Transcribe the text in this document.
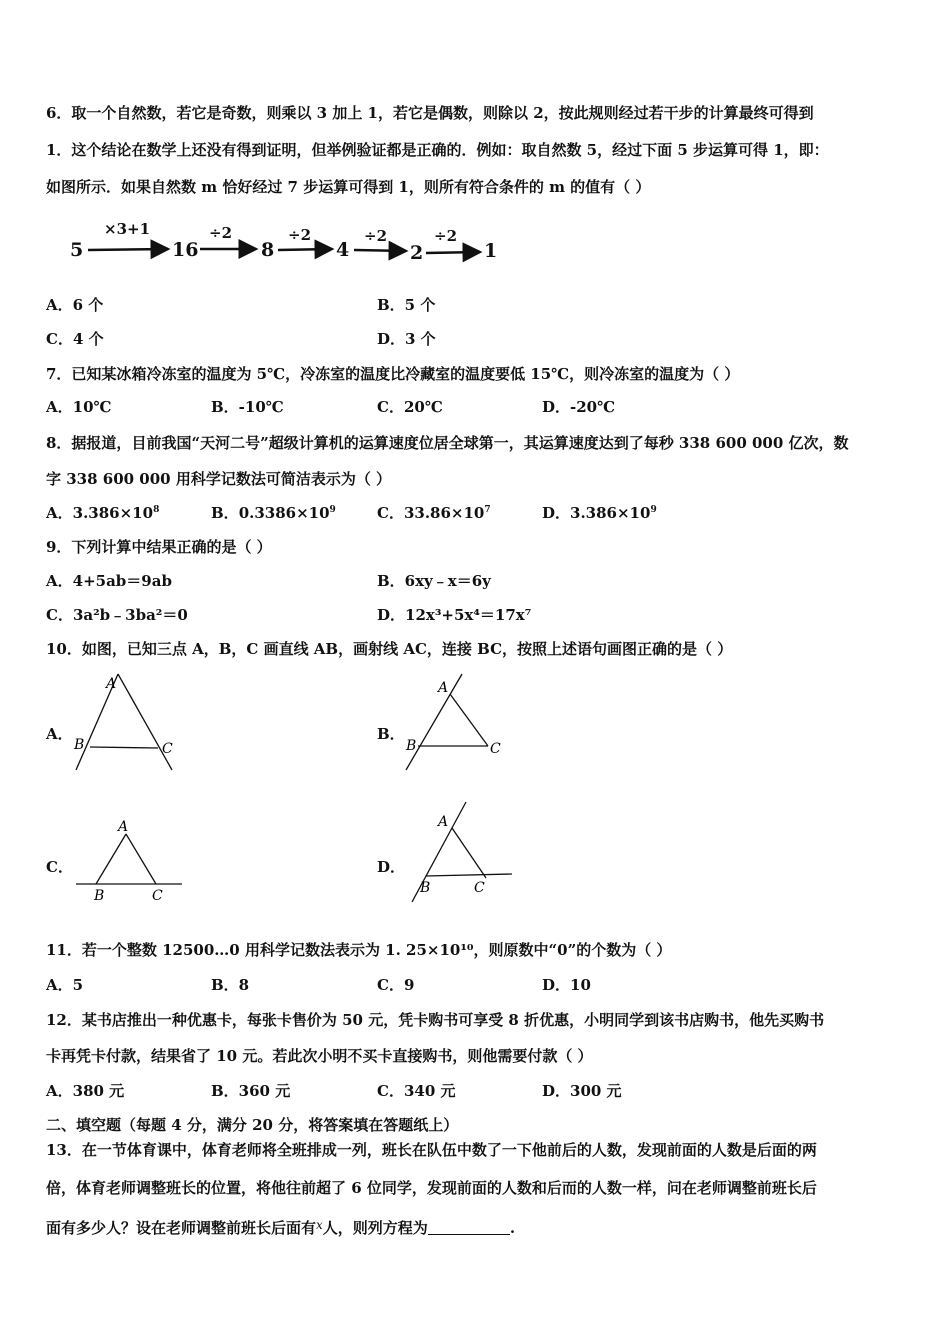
6．取一个自然数，若它是奇数，则乘以 3 加上 1，若它是偶数，则除以 2，按此规则经过若干步的计算最终可得到
1．这个结论在数学上还没有得到证明，但举例验证都是正确的．例如：取自然数 5，经过下面 5 步运算可得 1，即：
如图所示．如果自然数 m 恰好经过 7 步运算可得到 1，则所有符合条件的 m 的值有（ ）
5	16	8	4	2	1
×3+1	÷2	÷2	÷2	÷2
A．6 个	B．5 个
C．4 个	D．3 个
7．已知某冰箱冷冻室的温度为 5℃，冷冻室的温度比冷藏室的温度要低 15℃，则冷冻室的温度为（ ）
A．10℃	B．-10℃	C．20℃	D．-20℃
8．据报道，目前我国“天河二号”超级计算机的运算速度位居全球第一，其运算速度达到了每秒 338 600 000 亿次，数
字 338 600 000 用科学记数法可简洁表示为（ ）
A．$3.386\times 10^8$	B．$0.3386\times 10^9$	C．$33.86\times 10^7$	D．$3.386\times 10^9$
9．下列计算中结果正确的是（ ）
A．4+5ab＝9ab	B．6xy﹣x＝6y
C．3a²b﹣3ba²＝0	D．12x³+5x⁴＝17x⁷
10．如图，已知三点 A，B，C 画直线 AB，画射线 AC，连接 BC，按照上述语句画图正确的是（ ）
A．
A
B	C
B．
A
B	C
C．
A
B	C
D．
A
B	C
11．若一个整数 12500…0 用科学记数法表示为 1. 25×10¹⁰，则原数中“0”的个数为（ ）
A．5	B．8	C．9	D．10
12．某书店推出一种优惠卡，每张卡售价为 50 元，凭卡购书可享受 8 折优惠，小明同学到该书店购书，他先买购书
卡再凭卡付款，结果省了 10 元。若此次小明不买卡直接购书，则他需要付款（ ）
A．380 元	B．360 元	C．340 元	D．300 元
二、填空题（每题 4 分，满分 20 分，将答案填在答题纸上）
13．在一节体育课中，体育老师将全班排成一列，班长在队伍中数了一下他前后的人数，发现前面的人数是后面的两
倍，体育老师调整班长的位置，将他往前超了 6 位同学，发现前面的人数和后而的人数一样，问在老师调整前班长后
面有多少人？设在老师调整前班长后面有$^x$人，则列方程为	.
